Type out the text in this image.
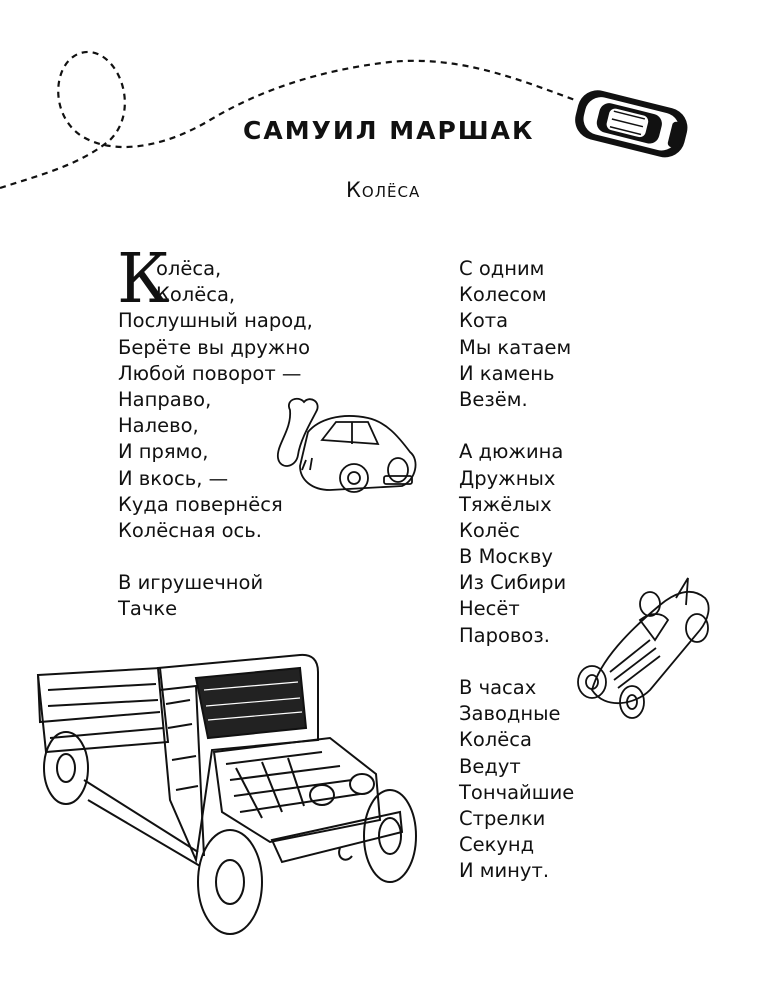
САМУИЛ МАРШАК
Колёса
К
олёса,
Колёса,
Послушный народ,
Берёте вы дружно
Любой поворот —
Направо,
Налево,
И прямо,
И вкось, —
Куда повернёся
Колёсная ось.
В игрушечной
Тачке
С одним
Колесом
Кота
Мы катаем
И камень
Везём.
А дюжина
Дружных
Тяжёлых
Колёс
В Москву
Из Сибири
Несёт
Паровоз.
В часах
Заводные
Колёса
Ведут
Тончайшие
Стрелки
Секунд
И минут.
